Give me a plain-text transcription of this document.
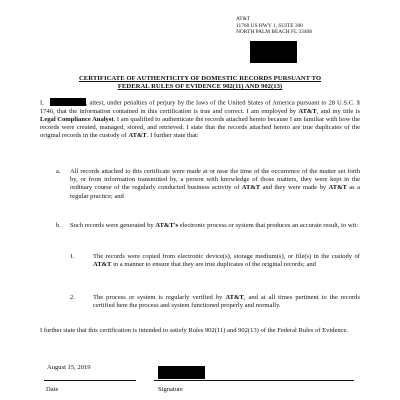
AT&T
11760 US HWY 1, SUITE 300
NORTH PALM BEACH FL 33408
CERTIFICATE OF AUTHENTICITY OF DOMESTIC RECORDS PURSUANT TO
FEDERAL RULES OF EVIDENCE 902(11) AND 902(13)
I,	, attest, under penalties of perjury by the laws of the United States of America pursuant to 28 U.S.C. § 1746, that the information contained in this certification is true and correct. I am employed by AT&T, and my title is Legal Compliance Analyst. I am qualified to authenticate the records attached hereto because I am familiar with how the records were created, managed, stored, and retrieved. I state that the records attached hereto are true duplicates of the original records in the custody of AT&T. I further state that:
a. All records attached to this certificate were made at or near the time of the occurrence of the matter set forth by, or from information transmitted by, a person with knowledge of those matters, they were kept in the ordinary course of the regularly conducted business activity of AT&T and they were made by AT&T as a regular practice; and
b. Such records were generated by AT&T's electronic process or system that produces an accurate result, to wit:
1.	The records were copied from electronic device(s), storage medium(s), or file(s) in the custody of AT&T in a manner to ensure that they are true duplicates of the original records; and
2.	The process or system is regularly verified by AT&T, and at all times pertinent to the records certified here the process and system functioned properly and normally.
I further state that this certification is intended to satisfy Rules 902(11) and 902(13) of the Federal Rules of Evidence.
August 15, 2019
Date	Signature
